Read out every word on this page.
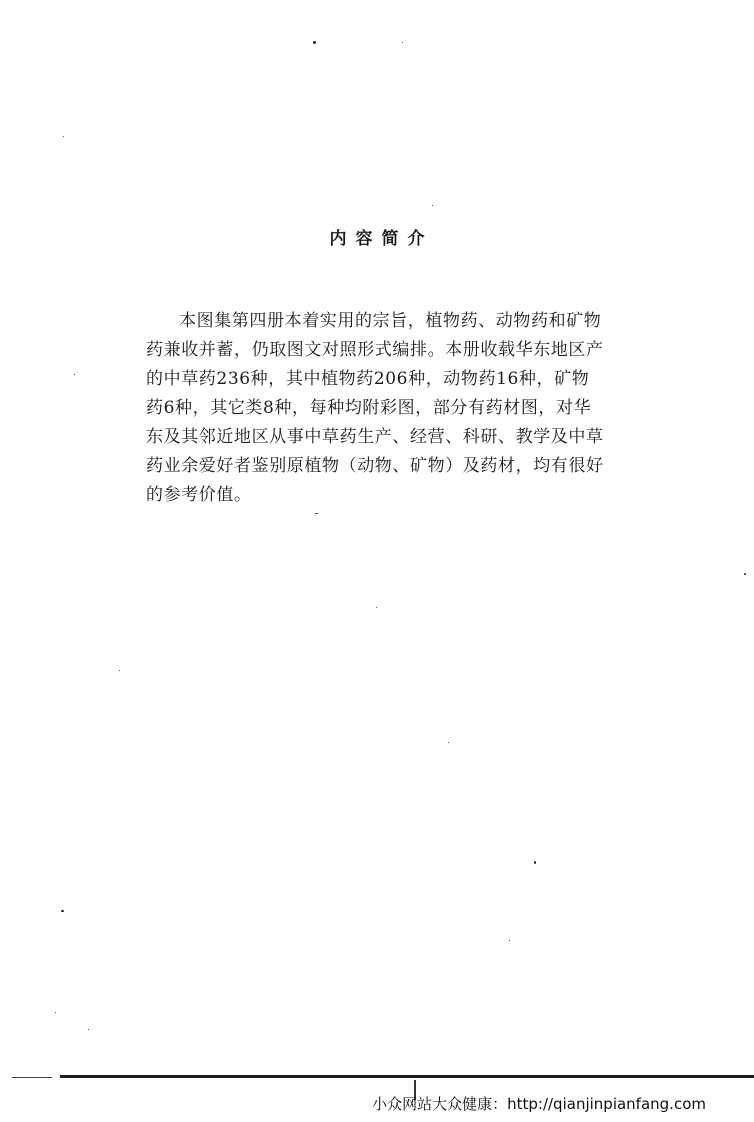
内容简介
本图集第四册本着实用的宗旨，植物药、动物药和矿物
药兼收并蓄，仍取图文对照形式编排。本册收载华东地区产
的中草药236种，其中植物药206种，动物药16种，矿物
药6种，其它类8种，每种均附彩图，部分有药材图，对华
东及其邻近地区从事中草药生产、经营、科研、教学及中草
药业余爱好者鉴别原植物（动物、矿物）及药材，均有很好
的参考价值。
小众网站大众健康：http://qianjinpianfang.com
